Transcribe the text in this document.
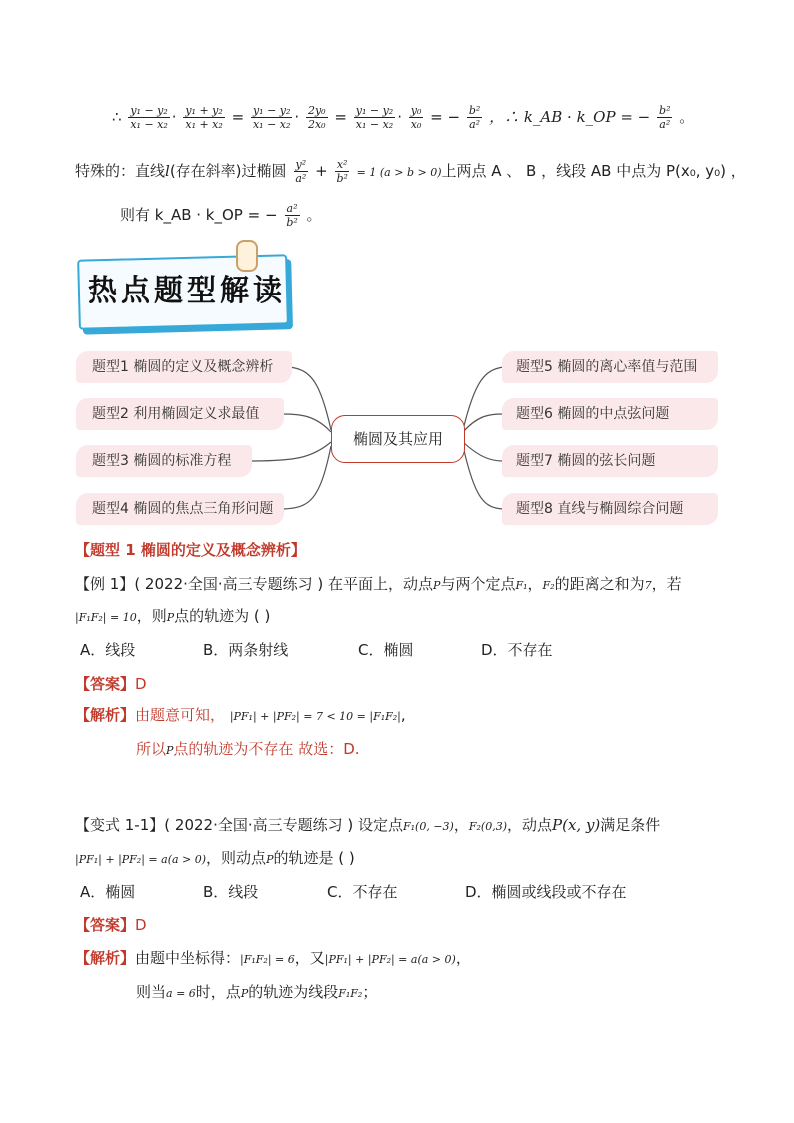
∴ $\frac{\text{y₁ − y₂}}{\text{x₁ − x₂}} \cdot \frac{\text{y₁ + y₂}}{\text{x₁ + x₂}} = \frac{\text{y₁ − y₂}}{\text{x₁ − x₂}} \cdot \frac{\text{2y₀}}{\text{2x₀}} = \frac{\text{y₁ − y₂}}{\text{x₁ − x₂}} \cdot \frac{\text{y₀}}{\text{x₀}}$ = − $\frac{\text{b²}}{\text{a²}}$ ，∴ k_AB · k_OP = − $\frac{\text{b²}}{\text{a²}}$ 。
特殊的：直线l(存在斜率)过椭圆 $\frac{\text{y²}}{\text{a²}} + \frac{\text{x²}}{\text{b²}} = 1$ (a > b > 0)上两点 A 、 B ，线段 AB 中点为 P(x₀, y₀) ，
则有 k_AB · k_OP = − $\frac{\text{a²}}{\text{b²}}$ 。
热点题型解读
题型1 椭圆的定义及概念辨析
题型2 利用椭圆定义求最值
题型3 椭圆的标准方程
题型4 椭圆的焦点三角形问题
题型5 椭圆的离心率值与范围
题型6 椭圆的中点弦问题
题型7 椭圆的弦长问题
题型8 直线与椭圆综合问题
椭圆及其应用
【题型 1 椭圆的定义及概念辨析】
【例 1】( 2022·全国·高三专题练习 ) 在平面上，动点P与两个定点F₁，F₂的距离之和为7，若
|F₁F₂| = 10，则P点的轨迹为 ( )
A．线段	B．两条射线	C．椭圆	D．不存在
【答案】D
【解析】由题意可知， |PF₁| + |PF₂| = 7 < 10 = |F₁F₂|,
所以P点的轨迹为不存在 故选：D.
【变式 1-1】( 2022·全国·高三专题练习 ) 设定点F₁(0, −3)，F₂(0,3)，动点P(x, y)满足条件
|PF₁| + |PF₂| = a(a > 0)，则动点P的轨迹是 ( )
A．椭圆	B．线段	C．不存在	D．椭圆或线段或不存在
【答案】D
【解析】由题中坐标得：|F₁F₂| = 6，又|PF₁| + |PF₂| = a(a > 0)，
则当a = 6时，点P的轨迹为线段F₁F₂；
